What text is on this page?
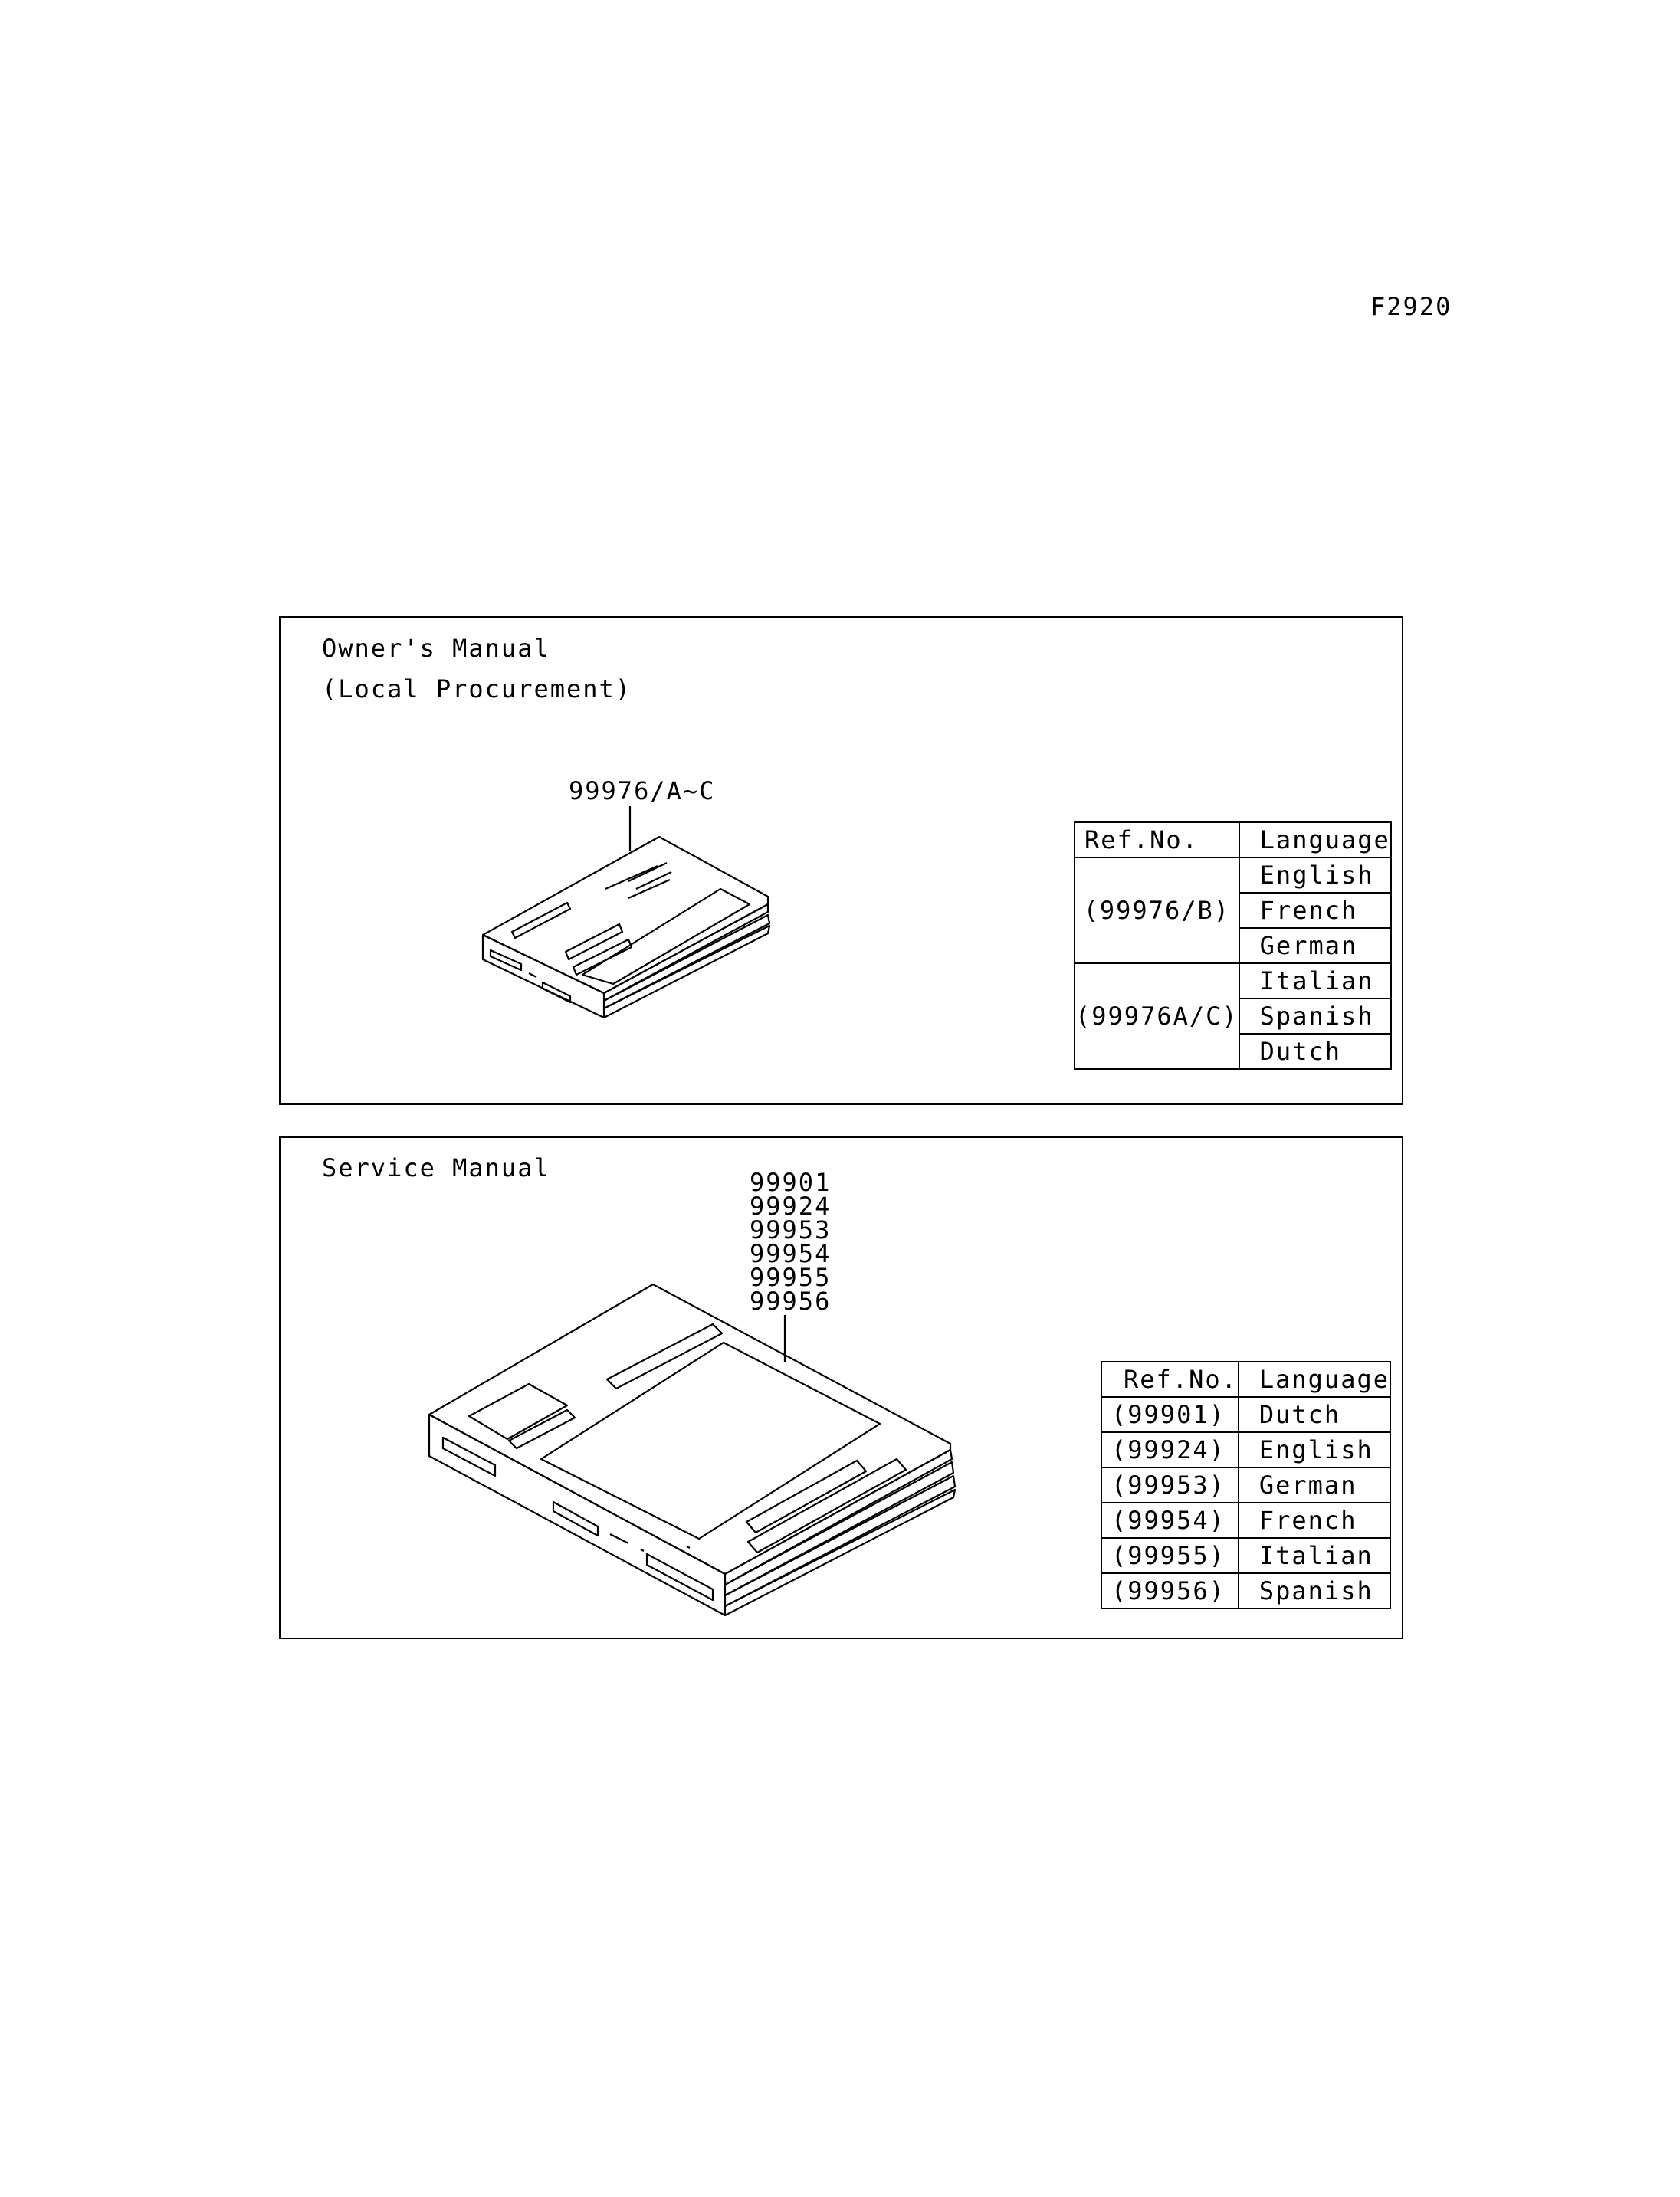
F2920
Owner's Manual
(Local Procurement)
99976/A~C
Ref.No.	Language
(99976/B)	English
	French
	German
(99976A/C)	Italian
	Spanish
	Dutch
Service Manual	99901
99924
99953
99954
99955
99956
Ref.No.	Language
(99901)	Dutch
(99924)	English
(99953)	German
(99954)	French
(99955)	Italian
(99956)	Spanish
